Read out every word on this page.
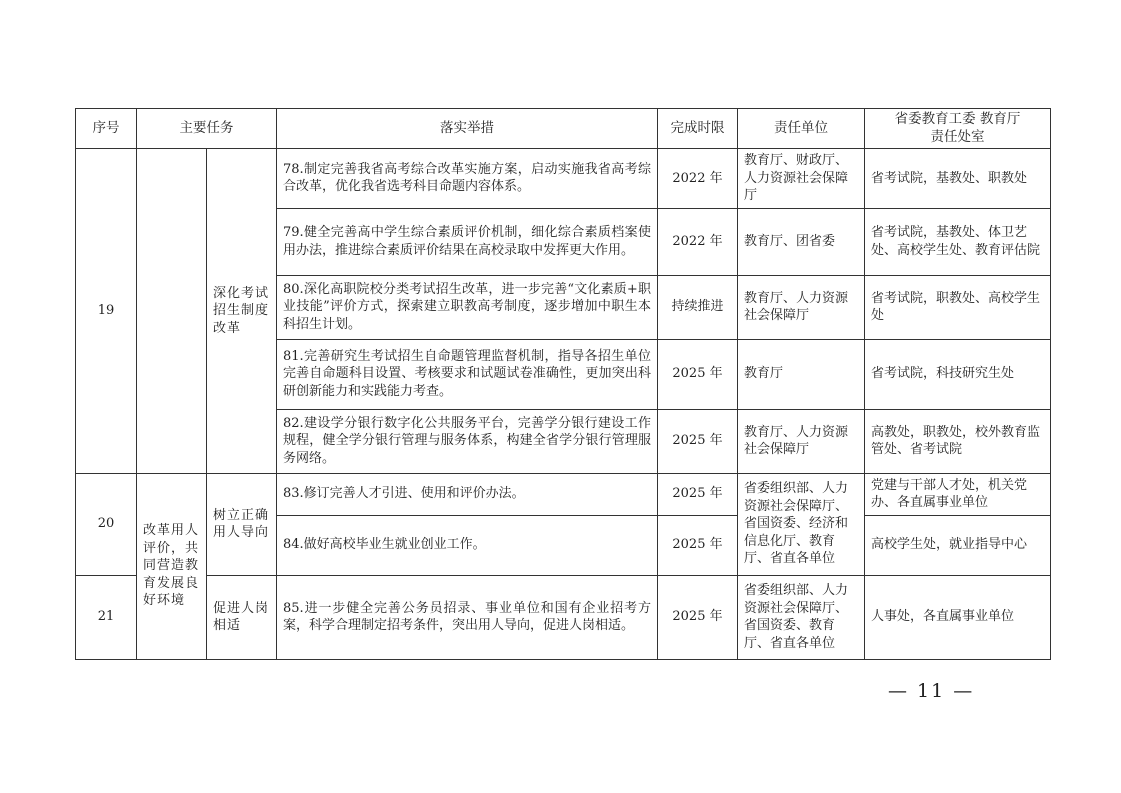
序号	主要任务		落实举措	完成时限	责任单位	省委教育工委 教育厅
责任处室
19		深化考试招生制度改革	78.制定完善我省高考综合改革实施方案，启动实施我省高考综合改革，优化我省选考科目命题内容体系。	2022 年	教育厅、财政厅、人力资源社会保障厅	省考试院，基教处、职教处
			79.健全完善高中学生综合素质评价机制，细化综合素质档案使用办法，推进综合素质评价结果在高校录取中发挥更大作用。	2022 年	教育厅、团省委	省考试院，基教处、体卫艺处、高校学生处、教育评估院
			80.深化高职院校分类考试招生改革，进一步完善“文化素质+职业技能”评价方式，探索建立职教高考制度，逐步增加中职生本科招生计划。	持续推进	教育厅、人力资源社会保障厅	省考试院，职教处、高校学生处
			81.完善研究生考试招生自命题管理监督机制，指导各招生单位完善自命题科目设置、考核要求和试题试卷准确性，更加突出科研创新能力和实践能力考查。	2025 年	教育厅	省考试院，科技研究生处
			82.建设学分银行数字化公共服务平台，完善学分银行建设工作规程，健全学分银行管理与服务体系，构建全省学分银行管理服务网络。	2025 年	教育厅、人力资源社会保障厅	高教处，职教处，校外教育监管处、省考试院
20	改革用人评价，共同营造教育发展良好环境	树立正确用人导向	83.修订完善人才引进、使用和评价办法。	2025 年	省委组织部、人力资源社会保障厅、省国资委、经济和信息化厅、教育厅、省直各单位	党建与干部人才处，机关党办、各直属事业单位
			84.做好高校毕业生就业创业工作。	2025 年		高校学生处，就业指导中心
21		促进人岗相适	85.进一步健全完善公务员招录、事业单位和国有企业招考方案，科学合理制定招考条件，突出用人导向，促进人岗相适。	2025 年	省委组织部、人力资源社会保障厅、省国资委、教育厅、省直各单位	人事处，各直属事业单位
— 11 —
